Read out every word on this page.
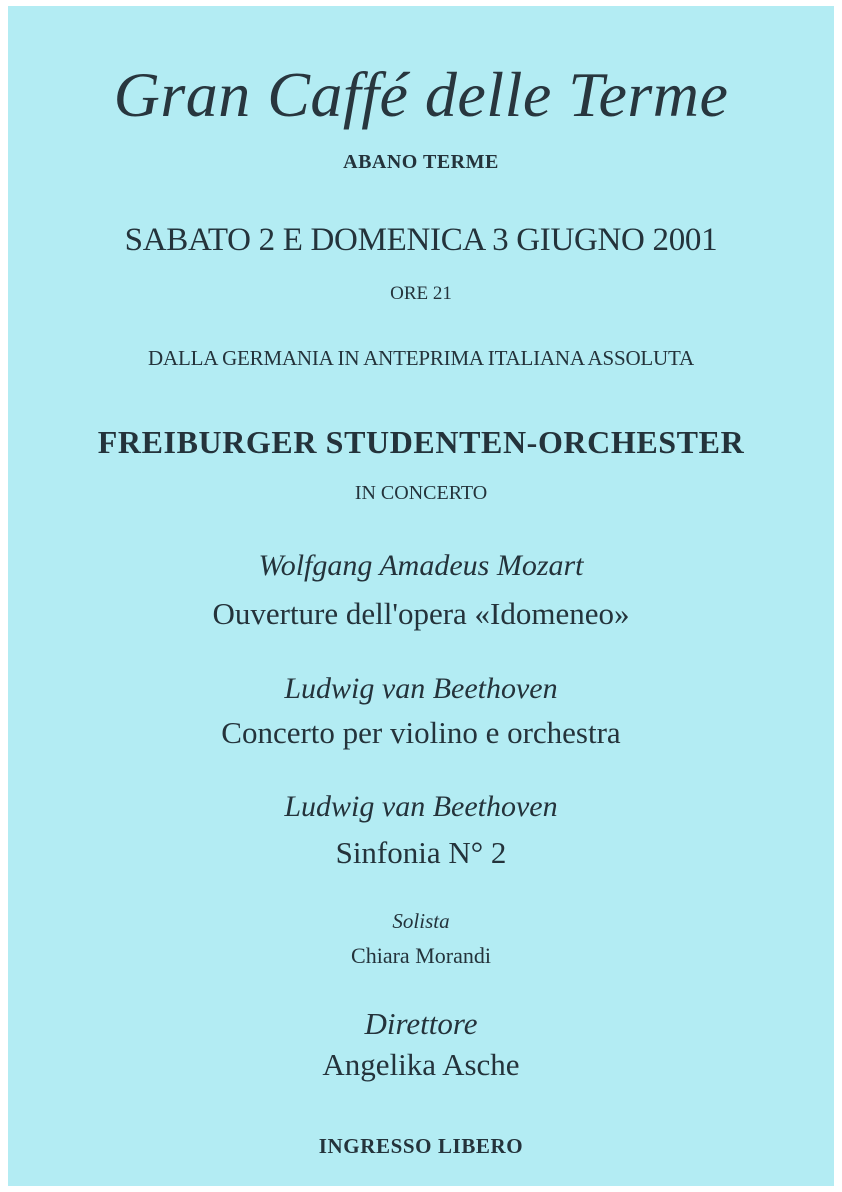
Gran Caffé delle Terme
ABANO TERME
SABATO 2 E DOMENICA 3 GIUGNO 2001
ORE 21
DALLA GERMANIA IN ANTEPRIMA ITALIANA ASSOLUTA
FREIBURGER STUDENTEN-ORCHESTER
IN CONCERTO
Wolfgang Amadeus Mozart
Ouverture dell'opera «Idomeneo»
Ludwig van Beethoven
Concerto per violino e orchestra
Ludwig van Beethoven
Sinfonia N° 2
Solista
Chiara Morandi
Direttore
Angelika Asche
INGRESSO LIBERO
